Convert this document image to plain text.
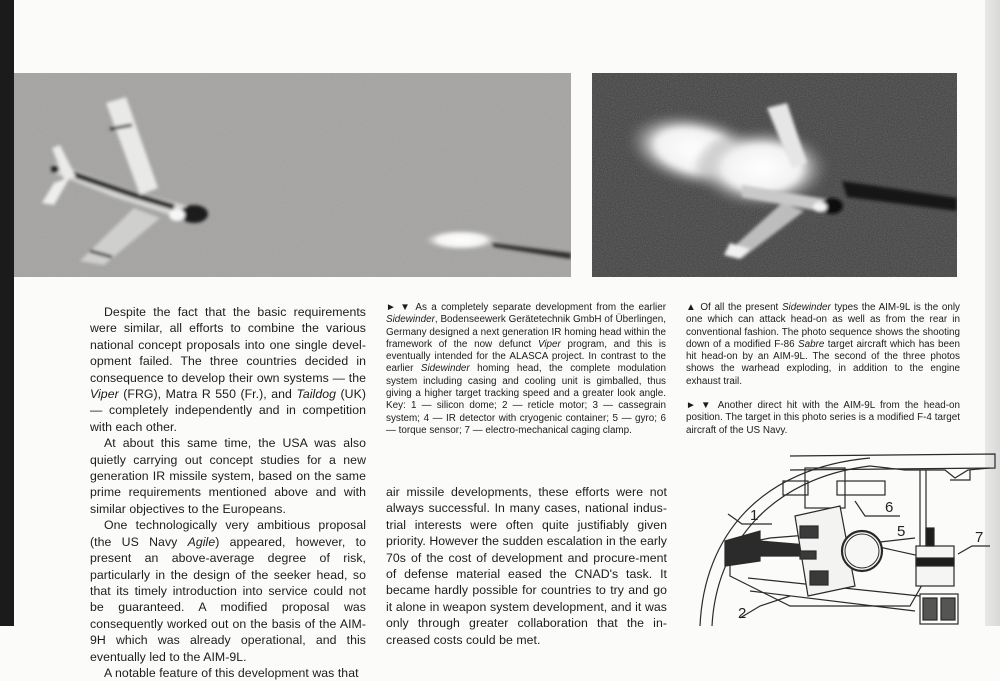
Despite the fact that the basic requirements were similar, all efforts to combine the various national concept proposals into one single devel-opment failed. The three countries decided in consequence to develop their own systems — the Viper (FRG), Matra R 550 (Fr.), and Taildog (UK) — completely independently and in competition with each other.

At about this same time, the USA was also quietly carrying out concept studies for a new generation IR missile system, based on the same prime requirements mentioned above and with similar objectives to the Europeans.

One technologically very ambitious proposal (the US Navy Agile) appeared, however, to present an above-average degree of risk, particularly in the design of the seeker head, so that its timely introduction into service could not be guaranteed. A modified proposal was consequently worked out on the basis of the AIM-9H which was already operational, and this eventually led to the AIM-9L.

A notable feature of this development was that

► ▼ As a completely separate development from the earlier Sidewinder, Bodenseewerk Gerätetechnik GmbH of Überlingen, Germany designed a next generation IR homing head within the framework of the now defunct Viper program, and this is eventually intended for the ALASCA project. In contrast to the earlier Sidewinder homing head, the complete modulation system including casing and cooling unit is gimballed, thus giving a higher target tracking speed and a greater look angle. Key: 1 — silicon dome; 2 — reticle motor; 3 — cassegrain system; 4 — IR detector with cryogenic container; 5 — gyro; 6 — torque sensor; 7 — electro-mechanical caging clamp.

air missile developments, these efforts were not always successful. In many cases, national indus-trial interests were often quite justifiably given priority. However the sudden escalation in the early 70s of the cost of development and procure-ment of defense material eased the CNAD's task. It became hardly possible for countries to try and go it alone in weapon system development, and it was only through greater collaboration that the in-creased costs could be met.

▲ Of all the present Sidewinder types the AIM-9L is the only one which can attack head-on as well as from the rear in conventional fashion. The photo sequence shows the shooting down of a modified F-86 Sabre target aircraft which has been hit head-on by an AIM-9L. The second of the three photos shows the warhead exploding, in addition to the engine exhaust trail.

► ▼ Another direct hit with the AIM-9L from the head-on position. The target in this photo series is a modified F-4 target aircraft of the US Navy.

1
2
5
6
7
